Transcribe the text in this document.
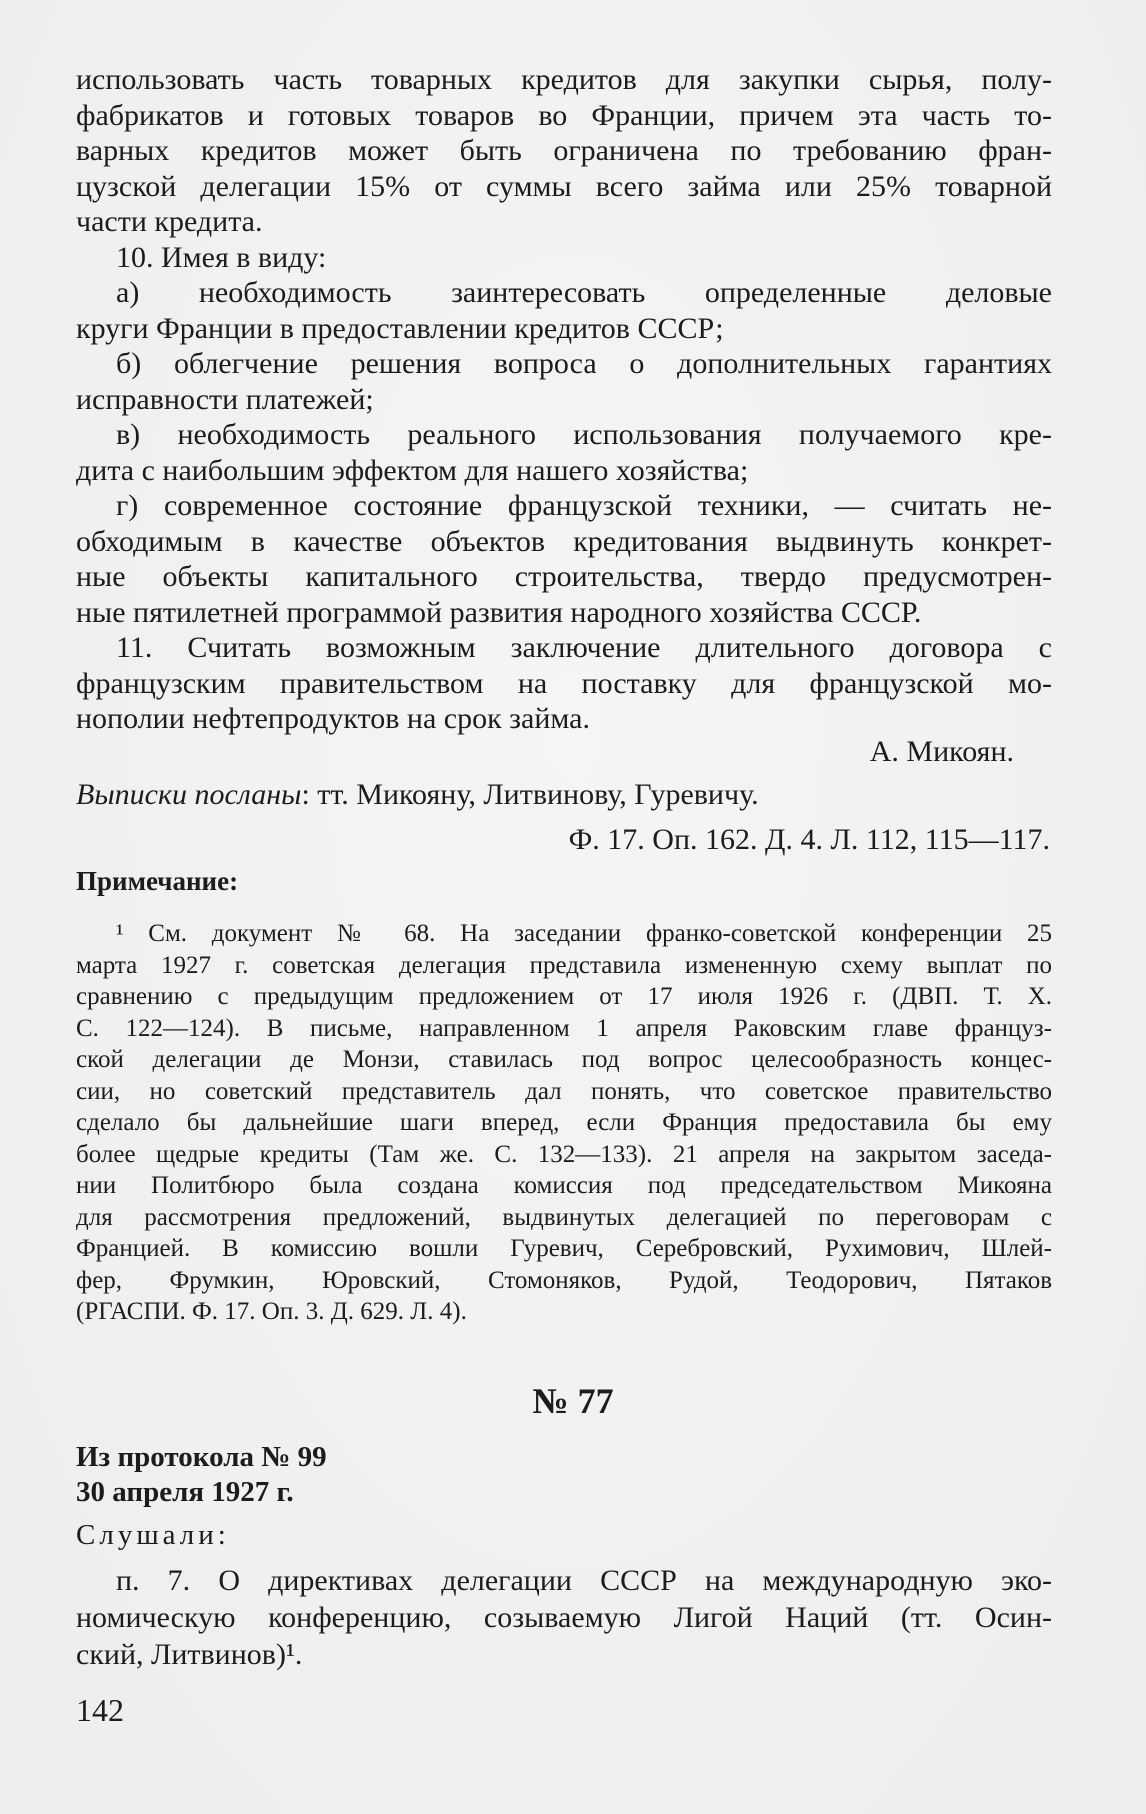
использовать часть товарных кредитов для закупки сырья, полу-
фабрикатов и готовых товаров во Франции, причем эта часть то-
варных кредитов может быть ограничена по требованию фран-
цузской делегации 15% от суммы всего займа или 25% товарной
части кредита.
10. Имея в виду:
а) необходимость заинтересовать определенные деловые
круги Франции в предоставлении кредитов СССР;
б) облегчение решения вопроса о дополнительных гарантиях
исправности платежей;
в) необходимость реального использования получаемого кре-
дита с наибольшим эффектом для нашего хозяйства;
г) современное состояние французской техники, — считать не-
обходимым в качестве объектов кредитования выдвинуть конкрет-
ные объекты капитального строительства, твердо предусмотрен-
ные пятилетней программой развития народного хозяйства СССР.
11. Считать возможным заключение длительного договора с
французским правительством на поставку для французской мо-
нополии нефтепродуктов на срок займа.
А. Микоян.
Выписки посланы: тт. Микояну, Литвинову, Гуревичу.
Ф. 17. Оп. 162. Д. 4. Л. 112, 115—117.
Примечание:
¹ См. документ № 68. На заседании франко-советской конференции 25
марта 1927 г. советская делегация представила измененную схему выплат по
сравнению с предыдущим предложением от 17 июля 1926 г. (ДВП. Т. Х.
С. 122—124). В письме, направленном 1 апреля Раковским главе француз-
ской делегации де Монзи, ставилась под вопрос целесообразность концес-
сии, но советский представитель дал понять, что советское правительство
сделало бы дальнейшие шаги вперед, если Франция предоставила бы ему
более щедрые кредиты (Там же. С. 132—133). 21 апреля на закрытом заседа-
нии Политбюро была создана комиссия под председательством Микояна
для рассмотрения предложений, выдвинутых делегацией по переговорам с
Францией. В комиссию вошли Гуревич, Серебровский, Рухимович, Шлей-
фер, Фрумкин, Юровский, Стомоняков, Рудой, Теодорович, Пятаков
(РГАСПИ. Ф. 17. Оп. 3. Д. 629. Л. 4).
№ 77
Из протокола № 99
30 апреля 1927 г.
Слушали:
п. 7. О директивах делегации СССР на международную эко-
номическую конференцию, созываемую Лигой Наций (тт. Осин-
ский, Литвинов)¹.
142
